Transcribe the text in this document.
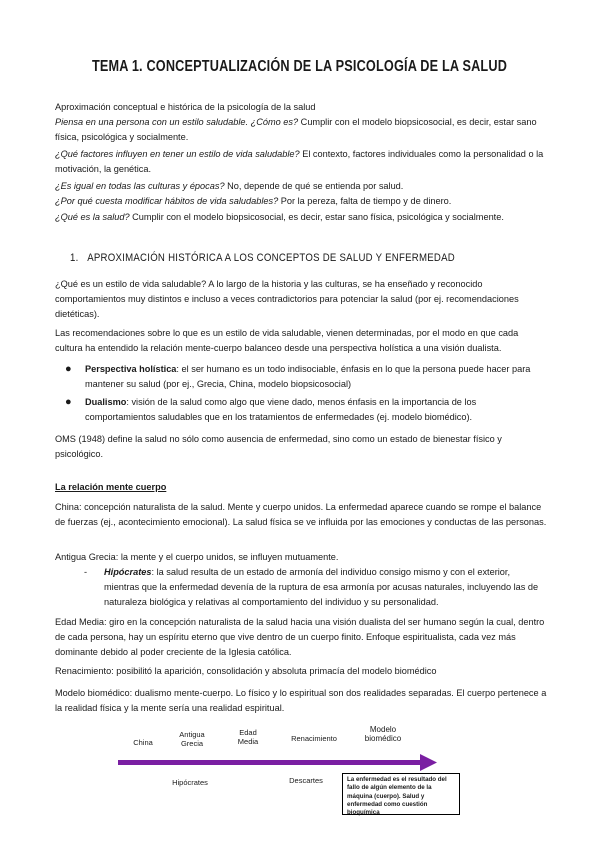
TEMA 1. CONCEPTUALIZACIÓN DE LA PSICOLOGÍA DE LA SALUD

Aproximación conceptual e histórica de la psicología de la salud

Piensa en una persona con un estilo saludable. ¿Cómo es? Cumplir con el modelo biopsicosocial, es decir, estar sano física, psicológica y socialmente.

¿Qué factores influyen en tener un estilo de vida saludable? El contexto, factores individuales como la personalidad o la motivación, la genética.

¿Es igual en todas las culturas y épocas? No, depende de qué se entienda por salud.

¿Por qué cuesta modificar hábitos de vida saludables? Por la pereza, falta de tiempo y de dinero.

¿Qué es la salud? Cumplir con el modelo biopsicosocial, es decir, estar sano física, psicológica y socialmente.

1. APROXIMACIÓN HISTÓRICA A LOS CONCEPTOS DE SALUD Y ENFERMEDAD

¿Qué es un estilo de vida saludable? A lo largo de la historia y las culturas, se ha enseñado y reconocido comportamientos muy distintos e incluso a veces contradictorios para potenciar la salud (por ej. recomendaciones dietéticas).

Las recomendaciones sobre lo que es un estilo de vida saludable, vienen determinadas, por el modo en que cada cultura ha entendido la relación mente-cuerpo balanceo desde una perspectiva holística a una visión dualista.

● Perspectiva holística: el ser humano es un todo indisociable, énfasis en lo que la persona puede hacer para mantener su salud (por ej., Grecia, China, modelo biopsicosocial)
● Dualismo: visión de la salud como algo que viene dado, menos énfasis en la importancia de los comportamientos saludables que en los tratamientos de enfermedades (ej. modelo biomédico).

OMS (1948) define la salud no sólo como ausencia de enfermedad, sino como un estado de bienestar físico y psicológico.

La relación mente cuerpo

China: concepción naturalista de la salud. Mente y cuerpo unidos. La enfermedad aparece cuando se rompe el balance de fuerzas (ej., acontecimiento emocional). La salud física se ve influida por las emociones y conductas de las personas.

Antigua Grecia: la mente y el cuerpo unidos, se influyen mutuamente.

- Hipócrates: la salud resulta de un estado de armonía del individuo consigo mismo y con el exterior, mientras que la enfermedad devenía de la ruptura de esa armonía por acusas naturales, incluyendo las de naturaleza biológica y relativas al comportamiento del individuo y su personalidad.

Edad Media: giro en la concepción naturalista de la salud hacia una visión dualista del ser humano según la cual, dentro de cada persona, hay un espíritu eterno que vive dentro de un cuerpo finito. Enfoque espiritualista, cada vez más dominante debido al poder creciente de la Iglesia católica.

Renacimiento: posibilitó la aparición, consolidación y absoluta primacía del modelo biomédico

Modelo biomédico: dualismo mente-cuerpo. Lo físico y lo espiritual son dos realidades separadas. El cuerpo pertenece a la realidad física y la mente sería una realidad espiritual.

China
Antigua
Grecia
Edad
Media	Renacimiento
Modelo
biomédico
Hipócrates	Descartes	La enfermedad es el resultado del fallo de algún elemento de la máquina (cuerpo). Salud y enfermedad como cuestión bioquímica
